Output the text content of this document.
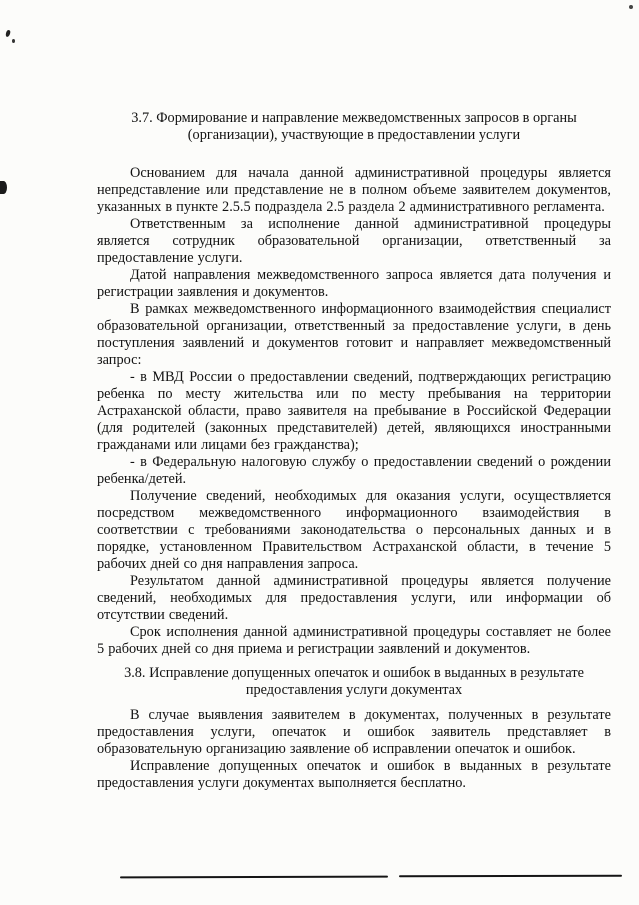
3.7. Формирование и направление межведомственных запросов в органы (организации), участвующие в предоставлении услуги

Основанием для начала данной административной процедуры является непредставление или представление не в полном объеме заявителем документов, указанных в пункте 2.5.5 подраздела 2.5 раздела 2 административного регламента.

Ответственным за исполнение данной административной процедуры является сотрудник образовательной организации, ответственный за предоставление услуги.

Датой направления межведомственного запроса является дата получения и регистрации заявления и документов.

В рамках межведомственного информационного взаимодействия специалист образовательной организации, ответственный за предоставление услуги, в день поступления заявлений и документов готовит и направляет межведомственный запрос:

- в МВД России о предоставлении сведений, подтверждающих регистрацию ребенка по месту жительства или по месту пребывания на территории Астраханской области, право заявителя на пребывание в Российской Федерации (для родителей (законных представителей) детей, являющихся иностранными гражданами или лицами без гражданства);

- в Федеральную налоговую службу о предоставлении сведений о рождении ребенка/детей.

Получение сведений, необходимых для оказания услуги, осуществляется посредством межведомственного информационного взаимодействия в соответствии с требованиями законодательства о персональных данных и в порядке, установленном Правительством Астраханской области, в течение 5 рабочих дней со дня направления запроса.

Результатом данной административной процедуры является получение сведений, необходимых для предоставления услуги, или информации об отсутствии сведений.

Срок исполнения данной административной процедуры составляет не более 5 рабочих дней со дня приема и регистрации заявлений и документов.

3.8. Исправление допущенных опечаток и ошибок в выданных в результате предоставления услуги документах

В случае выявления заявителем в документах, полученных в результате предоставления услуги, опечаток и ошибок заявитель представляет в образовательную организацию заявление об исправлении опечаток и ошибок.

Исправление допущенных опечаток и ошибок в выданных в результате предоставления услуги документах выполняется бесплатно.
